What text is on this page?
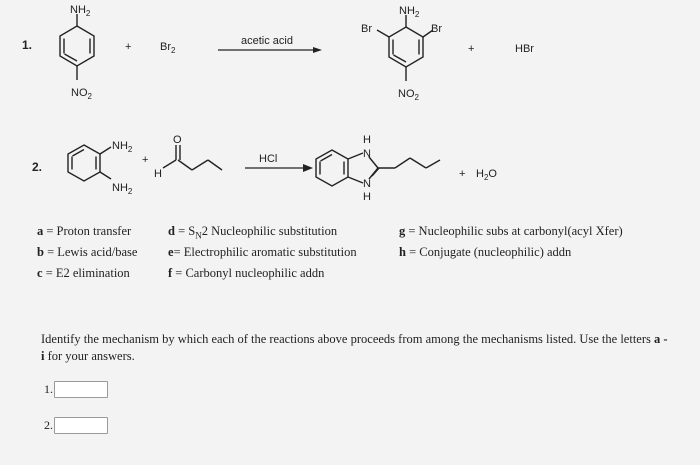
1.
$NH_2$
$NO_2$
+	$Br_2$
acetic acid
$NH_2$
Br	Br
$NO_2$
+	HBr
2.
$NH_2$
$NH_2$
+
O
H
HCl	N
H
N
H
+ $H_2O$
a = Proton transfer
b = Lewis acid/base
c = E2 elimination
$d = S_N2$ Nucleophilic substitution
e= Electrophilic aromatic substitution
f = Carbonyl nucleophilic addn
g = Nucleophilic subs at carbonyl(acyl Xfer)
h = Conjugate (nucleophilic) addn
Identify the mechanism by which each of the reactions above proceeds from among the mechanisms listed. Use the letters a - i for your answers.
1.
2.
